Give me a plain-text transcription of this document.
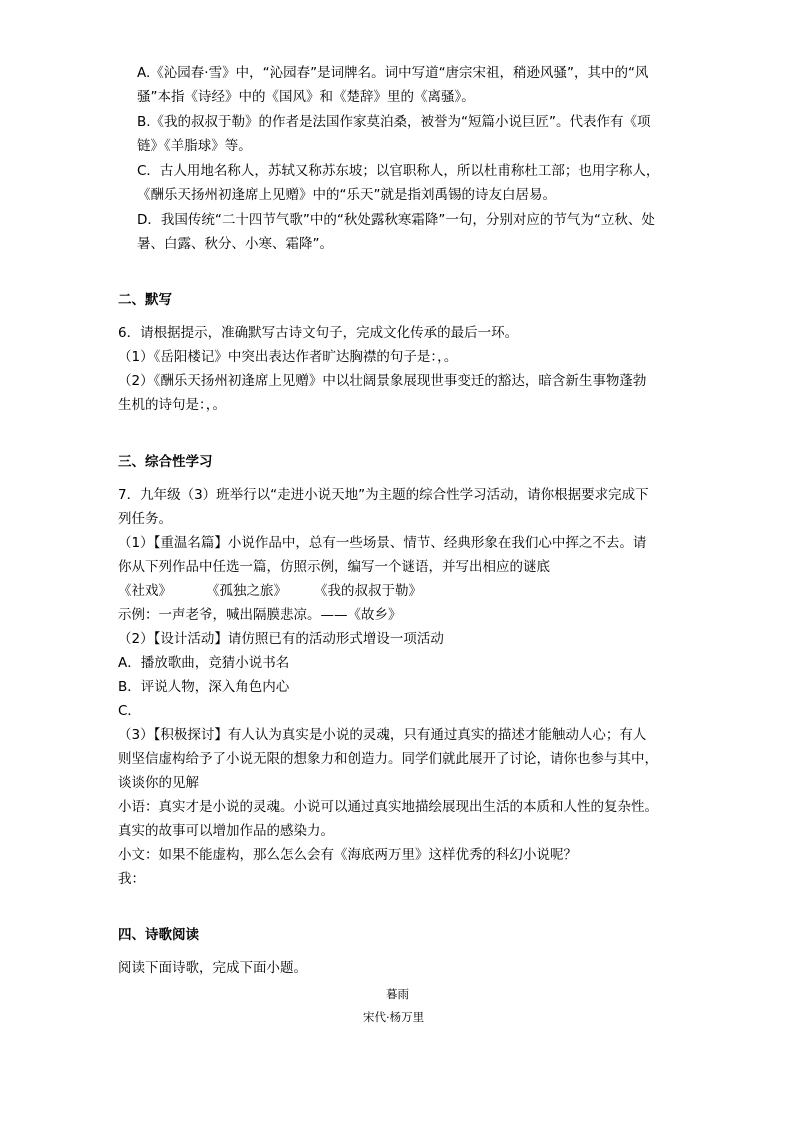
A.《沁园春·雪》中，“沁园春”是词牌名。词中写道“唐宗宋祖，稍逊风骚”，其中的“风
骚”本指《诗经》中的《国风》和《楚辞》里的《离骚》。
B.《我的叔叔于勒》的作者是法国作家莫泊桑，被誉为“短篇小说巨匠”。代表作有《项
链》《羊脂球》等。
C．古人用地名称人，苏轼又称苏东坡；以官职称人，所以杜甫称杜工部；也用字称人，
《酬乐天扬州初逢席上见赠》中的“乐天”就是指刘禹锡的诗友白居易。
D．我国传统“二十四节气歌”中的“秋处露秋寒霜降”一句，分别对应的节气为“立秋、处
暑、白露、秋分、小寒、霜降”。
二、默写
6．请根据提示，准确默写古诗文句子，完成文化传承的最后一环。
（1）《岳阳楼记》中突出表达作者旷达胸襟的句子是：，。
（2）《酬乐天扬州初逢席上见赠》中以壮阔景象展现世事变迁的豁达，暗含新生事物蓬勃
生机的诗句是：，。
三、综合性学习
7．九年级（3）班举行以“走进小说天地”为主题的综合性学习活动，请你根据要求完成下
列任务。
（1）【重温名篇】小说作品中，总有一些场景、情节、经典形象在我们心中挥之不去。请
你从下列作品中任选一篇，仿照示例，编写一个谜语，并写出相应的谜底
《社戏》	《孤独之旅》 《我的叔叔于勒》
示例：一声老爷，喊出隔膜悲凉。——《故乡》
（2）【设计活动】请仿照已有的活动形式增设一项活动
A．播放歌曲，竞猜小说书名
B．评说人物，深入角色内心
C．
（3）【积极探讨】有人认为真实是小说的灵魂，只有通过真实的描述才能触动人心；有人
则坚信虚构给予了小说无限的想象力和创造力。同学们就此展开了讨论，请你也参与其中，
谈谈你的见解
小语：真实才是小说的灵魂。小说可以通过真实地描绘展现出生活的本质和人性的复杂性。
真实的故事可以增加作品的感染力。
小文：如果不能虚构，那么怎么会有《海底两万里》这样优秀的科幻小说呢？
我：
四、诗歌阅读
阅读下面诗歌，完成下面小题。
暮雨
宋代·杨万里
